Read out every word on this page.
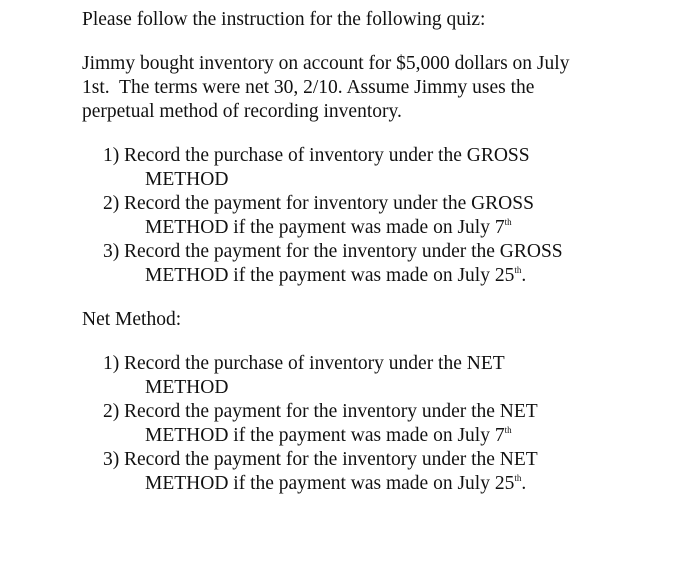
Please follow the instruction for the following quiz:
Jimmy bought inventory on account for $5,000 dollars on July
1st.  The terms were net 30, 2/10. Assume Jimmy uses the
perpetual method of recording inventory.
1) Record the purchase of inventory under the GROSS
METHOD
2) Record the payment for inventory under the GROSS
METHOD if the payment was made on July 7th
3) Record the payment for the inventory under the GROSS
METHOD if the payment was made on July 25th.
Net Method:
1) Record the purchase of inventory under the NET
METHOD
2) Record the payment for the inventory under the NET
METHOD if the payment was made on July 7th
3) Record the payment for the inventory under the NET
METHOD if the payment was made on July 25th.
